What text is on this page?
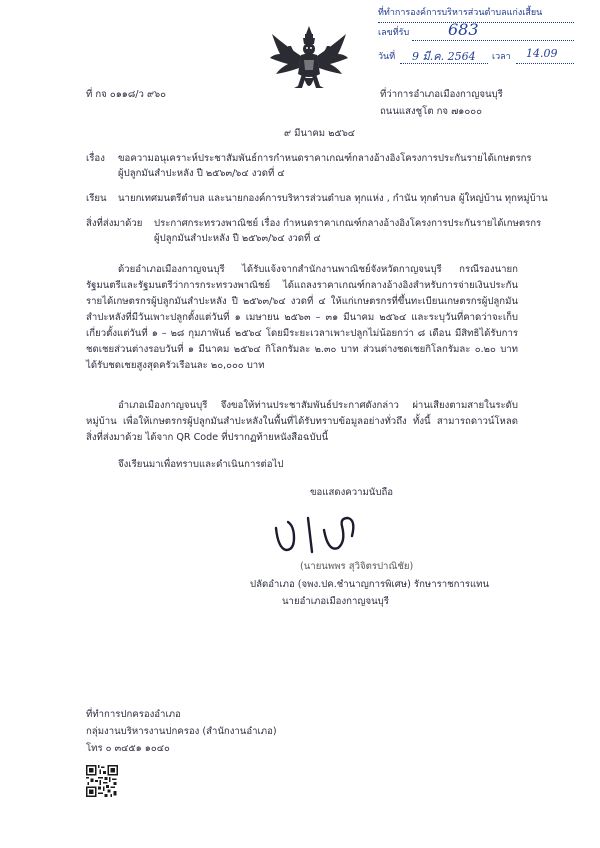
ที่ทำการองค์การบริหารส่วนตำบลแก่งเสี้ยน
เลขที่รับ 683
วันที่ 9 มี.ค. 2564 เวลา 14.09
ที่ กจ ๐๑๑๘/ว ๙๖๐	ที่ว่าการอำเภอเมืองกาญจนบุรี
ถนนแสงชูโต กจ ๗๑๐๐๐
๙ มีนาคม ๒๕๖๔
เรื่อง ขอความอนุเคราะห์ประชาสัมพันธ์การกำหนดราคาเกณฑ์กลางอ้างอิงโครงการประกันรายได้เกษตรกร
ผู้ปลูกมันสำปะหลัง ปี ๒๕๖๓/๖๔ งวดที่ ๔
เรียน นายกเทศมนตรีตำบล และนายกองค์การบริหารส่วนตำบล ทุกแห่ง , กำนัน ทุกตำบล ผู้ใหญ่บ้าน ทุกหมู่บ้าน
สิ่งที่ส่งมาด้วย ประกาศกระทรวงพาณิชย์ เรื่อง กำหนดราคาเกณฑ์กลางอ้างอิงโครงการประกันรายได้เกษตรกร
ผู้ปลูกมันสำปะหลัง ปี ๒๕๖๓/๖๔ งวดที่ ๔
ด้วยอำเภอเมืองกาญจนบุรี ได้รับแจ้งจากสำนักงานพาณิชย์จังหวัดกาญจนบุรี กรณีรองนายกรัฐมนตรีและรัฐมนตรีว่าการกระทรวงพาณิชย์ ได้แถลงราคาเกณฑ์กลางอ้างอิงสำหรับการจ่ายเงินประกันรายได้เกษตรกรผู้ปลูกมันสำปะหลัง ปี ๒๕๖๓/๖๔ งวดที่ ๔ ให้แก่เกษตรกรที่ขึ้นทะเบียนเกษตรกรผู้ปลูกมันสำปะหลังที่มีวันเพาะปลูกตั้งแต่วันที่ ๑ เมษายน ๒๕๖๓ – ๓๑ มีนาคม ๒๕๖๔ และระบุวันที่คาดว่าจะเก็บเกี่ยวตั้งแต่วันที่ ๑ – ๒๘ กุมภาพันธ์ ๒๕๖๔ โดยมีระยะเวลาเพาะปลูกไม่น้อยกว่า ๘ เดือน มีสิทธิได้รับการชดเชยส่วนต่างรอบวันที่ ๑ มีนาคม ๒๕๖๔ กิโลกรัมละ ๒.๓๐ บาท ส่วนต่างชดเชยกิโลกรัมละ ๐.๒๐ บาท ได้รับชดเชยสูงสุดครัวเรือนละ ๒๐,๐๐๐ บาท
อำเภอเมืองกาญจนบุรี จึงขอให้ท่านประชาสัมพันธ์ประกาศดังกล่าว ผ่านเสียงตามสายในระดับหมู่บ้าน เพื่อให้เกษตรกรผู้ปลูกมันสำปะหลังในพื้นที่ได้รับทราบข้อมูลอย่างทั่วถึง ทั้งนี้ สามารถดาวน์โหลดสิ่งที่ส่งมาด้วย ได้จาก QR Code ที่ปรากฏท้ายหนังสือฉบับนี้
จึงเรียนมาเพื่อทราบและดำเนินการต่อไป
ขอแสดงความนับถือ
(นายนพพร สุวิจิตรปาณิชัย)
ปลัดอำเภอ (จพง.ปค.ชำนาญการพิเศษ) รักษาราชการแทน
นายอำเภอเมืองกาญจนบุรี
ที่ทำการปกครองอำเภอ
กลุ่มงานบริหารงานปกครอง (สำนักงานอำเภอ)
โทร ๐ ๓๔๕๑ ๑๐๔๐
